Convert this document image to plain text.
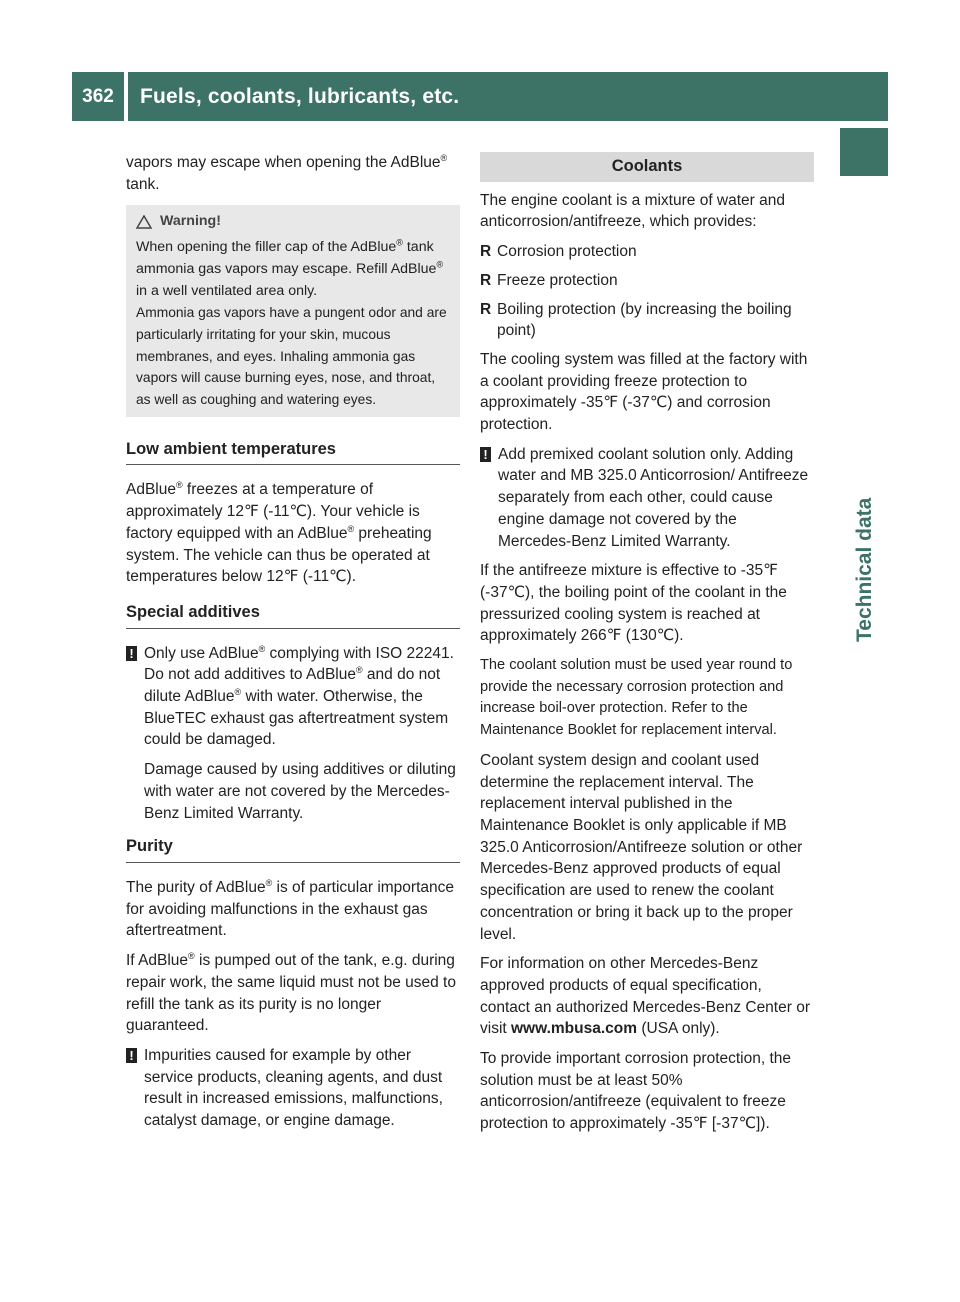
362	Fuels, coolants, lubricants, etc.
Technical data

vapors may escape when opening the AdBlue® tank.

Warning!

When opening the filler cap of the AdBlue® tank ammonia gas vapors may escape. Refill AdBlue® in a well ventilated area only.

Ammonia gas vapors have a pungent odor and are particularly irritating for your skin, mucous membranes, and eyes. Inhaling ammonia gas vapors will cause burning eyes, nose, and throat, as well as coughing and watering eyes.

Low ambient temperatures

AdBlue® freezes at a temperature of approximately 12℉ (-11℃). Your vehicle is factory equipped with an AdBlue® preheating system. The vehicle can thus be operated at temperatures below 12℉ (-11℃).

Special additives
! Only use AdBlue® complying with ISO 22241. Do not add additives to AdBlue® and do not dilute AdBlue® with water. Otherwise, the BlueTEC exhaust gas aftertreatment system could be damaged.

Damage caused by using additives or diluting with water are not covered by the Mercedes-Benz Limited Warranty.

Purity

The purity of AdBlue® is of particular importance for avoiding malfunctions in the exhaust gas aftertreatment.

If AdBlue® is pumped out of the tank, e.g. during repair work, the same liquid must not be used to refill the tank as its purity is no longer guaranteed.

! Impurities caused for example by other service products, cleaning agents, and dust result in increased emissions, malfunctions, catalyst damage, or engine damage.

Coolants

The engine coolant is a mixture of water and anticorrosion/antifreeze, which provides:

R Corrosion protection
R Freeze protection
R Boiling protection (by increasing the boiling point)

The cooling system was filled at the factory with a coolant providing freeze protection to approximately -35℉ (-37℃) and corrosion protection.

! Add premixed coolant solution only. Adding water and MB 325.0 Anticorrosion/ Antifreeze separately from each other, could cause engine damage not covered by the Mercedes-Benz Limited Warranty.

If the antifreeze mixture is effective to -35℉ (-37℃), the boiling point of the coolant in the pressurized cooling system is reached at approximately 266℉ (130℃).

The coolant solution must be used year round to provide the necessary corrosion protection and increase boil-over protection. Refer to the Maintenance Booklet for replacement interval.

Coolant system design and coolant used determine the replacement interval. The replacement interval published in the Maintenance Booklet is only applicable if MB 325.0 Anticorrosion/Antifreeze solution or other Mercedes-Benz approved products of equal specification are used to renew the coolant concentration or bring it back up to the proper level.

For information on other Mercedes-Benz approved products of equal specification, contact an authorized Mercedes-Benz Center or visit www.mbusa.com (USA only).

To provide important corrosion protection, the solution must be at least 50% anticorrosion/antifreeze (equivalent to freeze protection to approximately -35℉ [-37℃]).
